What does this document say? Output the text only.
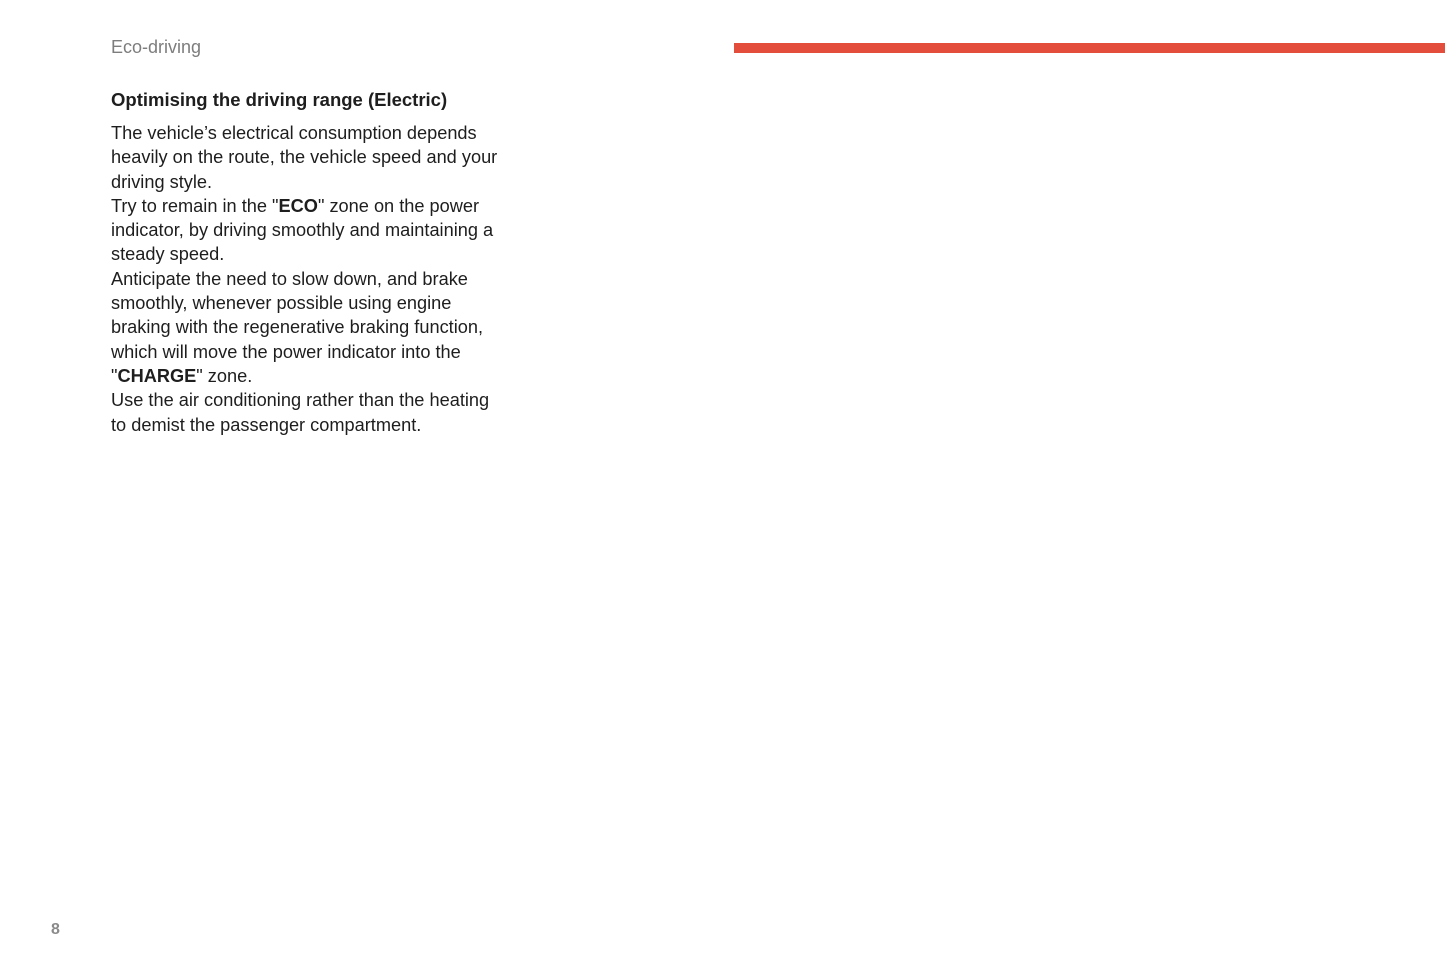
Eco-driving
Optimising the driving range (Electric)

The vehicle’s electrical consumption depends
heavily on the route, the vehicle speed and your
driving style.

Try to remain in the "ECO" zone on the power
indicator, by driving smoothly and maintaining a
steady speed.

Anticipate the need to slow down, and brake
smoothly, whenever possible using engine
braking with the regenerative braking function,
which will move the power indicator into the
"CHARGE" zone.

Use the air conditioning rather than the heating
to demist the passenger compartment.

8
